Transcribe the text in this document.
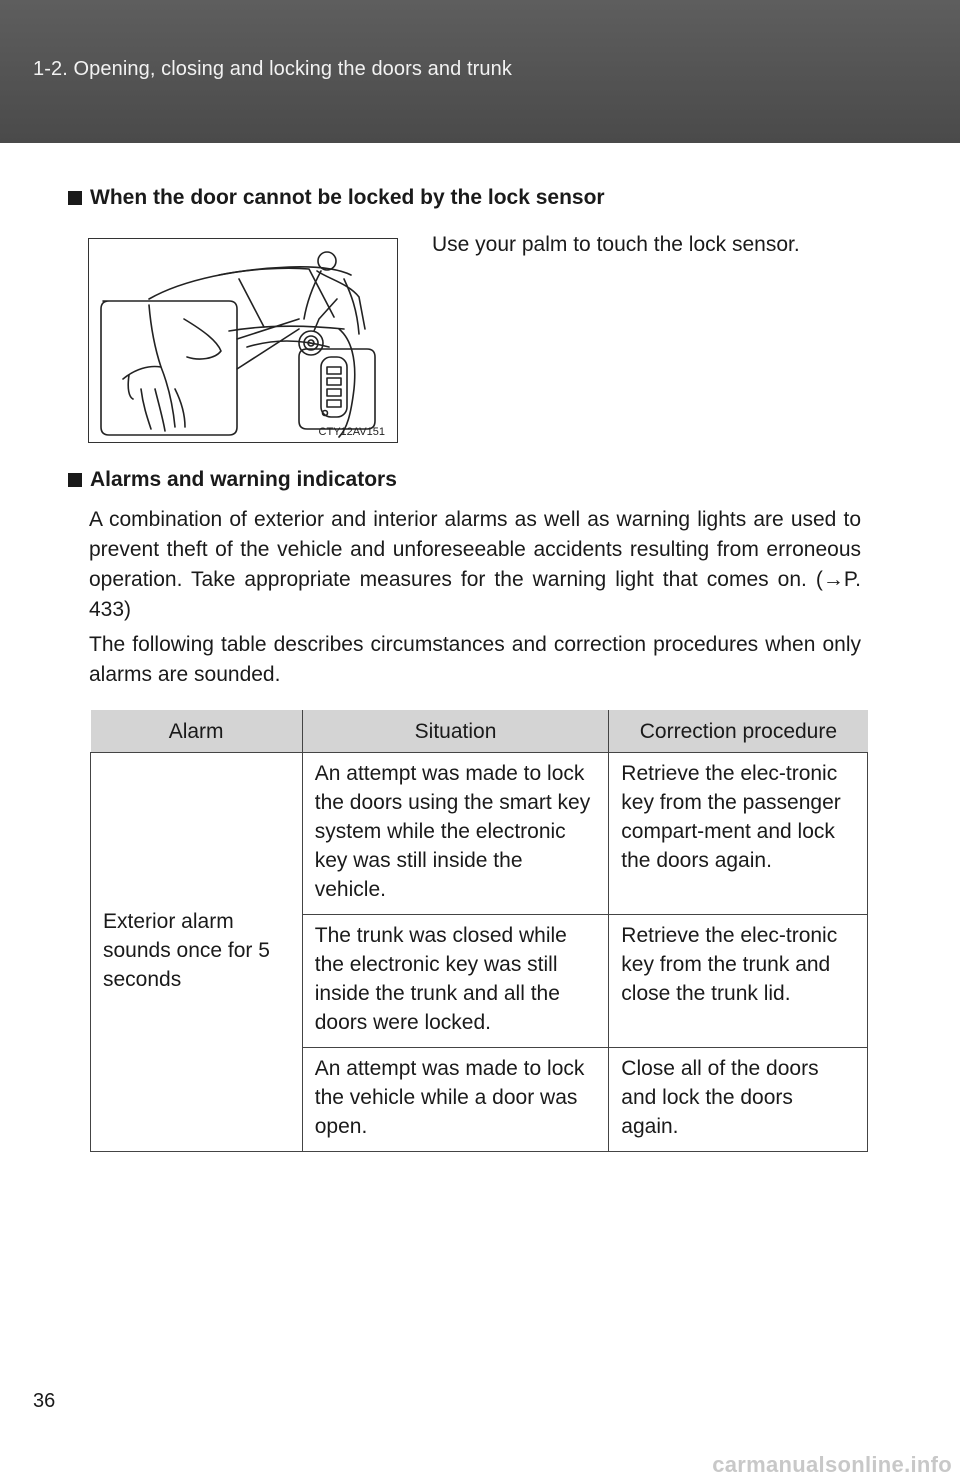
1-2. Opening, closing and locking the doors and trunk
When the door cannot be locked by the lock sensor
CTY12AV151
Use your palm to touch the lock sensor.
Alarms and warning indicators
A combination of exterior and interior alarms as well as warning lights are used to prevent theft of the vehicle and unforeseeable accidents resulting from erroneous operation. Take appropriate measures for the warning light that comes on. (→P. 433)
The following table describes circumstances and correction procedures when only alarms are sounded.
Alarm	Situation	Correction procedure
Exterior alarm sounds once for 5 seconds	An attempt was made to lock the doors using the smart key system while the electronic key was still inside the vehicle.	Retrieve the elec-tronic key from the passenger compart-ment and lock the doors again.
	The trunk was closed while the electronic key was still inside the trunk and all the doors were locked.	Retrieve the elec-tronic key from the trunk and close the trunk lid.
	An attempt was made to lock the vehicle while a door was open.	Close all of the doors and lock the doors again.
36
carmanualsonline.info
